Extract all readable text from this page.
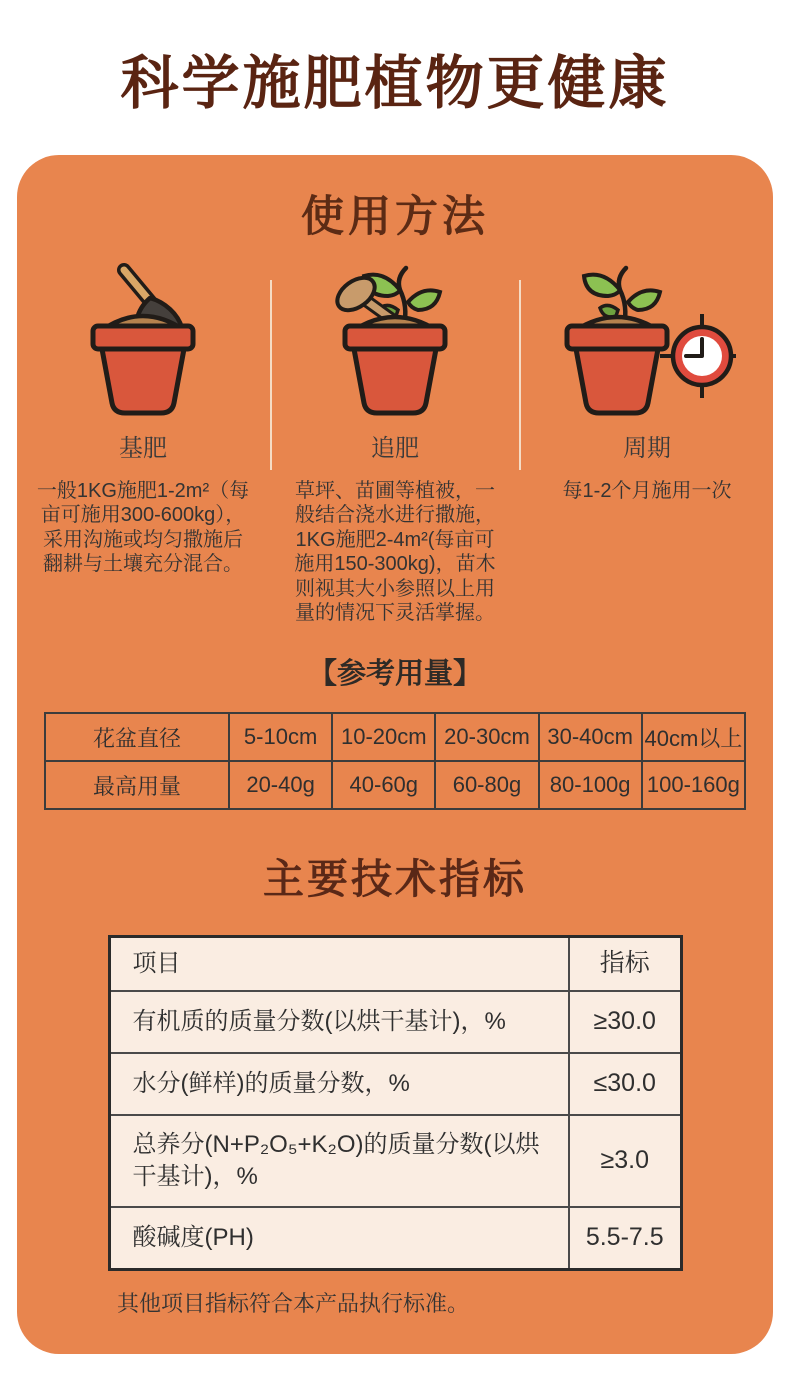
科学施肥植物更健康
使用方法
基肥

一般1KG施肥1-2m²（每亩可施用300-600kg），采用沟施或均匀撒施后翻耕与土壤充分混合。

追肥

草坪、苗圃等植被，一般结合浇水进行撒施，1KG施肥2-4m²(每亩可施用150-300kg)，苗木则视其大小参照以上用量的情况下灵活掌握。

周期

每1-2个月施用一次

【参考用量】
花盆直径	5-10cm	10-20cm	20-30cm	30-40cm	40cm以上
最高用量	20-40g	40-60g	60-80g	80-100g	100-160g
主要技术指标
项目	指标
有机质的质量分数(以烘干基计)，%	≥30.0
水分(鲜样)的质量分数，%	≤30.0
总养分(N+P₂O₅+K₂O)的质量分数(以烘干基计)，%	≥3.0
酸碱度(PH)	5.5-7.5

其他项目指标符合本产品执行标准。
